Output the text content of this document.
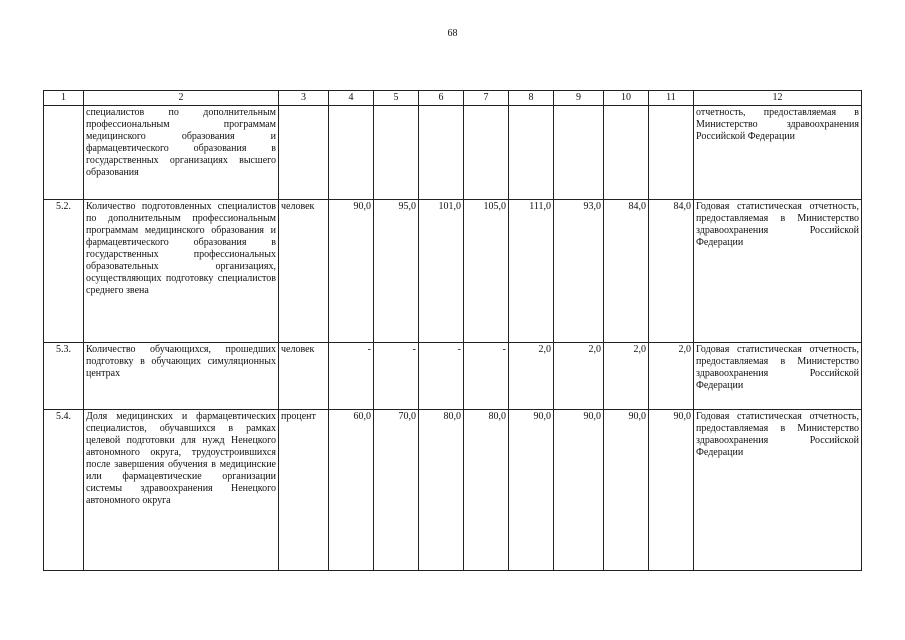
68
1	2	3	4	5	6	7	8	9	10	11	12
	специалистов по дополнительным профессиональным программам медицинского образования и фармацевтического образования в государственных организациях высшего образования										отчетность, предоставляемая в Министерство здравоохранения Российской Федерации
5.2.	Количество подготовленных специалистов по дополнительным профессиональным программам медицинского образования и фармацевтического образования в государственных профессиональных образовательных организациях, осуществляющих подготовку специалистов среднего звена	человек	90,0	95,0	101,0	105,0	111,0	93,0	84,0	84,0	Годовая статистическая отчетность, предоставляемая в Министерство здравоохранения Российской Федерации
5.3.	Количество обучающихся, прошедших подготовку в обучающих симуляционных центрах	человек	-	-	-	-	2,0	2,0	2,0	2,0	Годовая статистическая отчетность, предоставляемая в Министерство здравоохранения Российской Федерации
5.4.	Доля медицинских и фармацевтических специалистов, обучавшихся в рамках целевой подготовки для нужд Ненецкого автономного округа, трудоустроившихся после завершения обучения в медицинские или фармацевтические организации системы здравоохранения Ненецкого автономного округа	процент	60,0	70,0	80,0	80,0	90,0	90,0	90,0	90,0	Годовая статистическая отчетность, предоставляемая в Министерство здравоохранения Российской Федерации
